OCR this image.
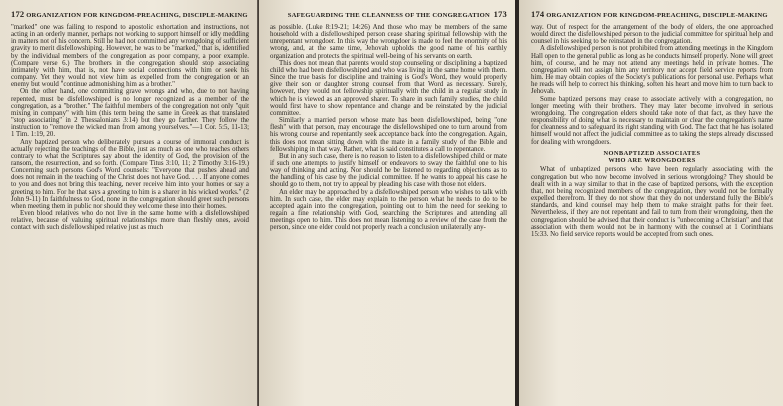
172 ORGANIZATION FOR KINGDOM-PREACHING, DISCIPLE-MAKING

"marked" one was failing to respond to apostolic exhortation and instructions, not acting in an orderly manner, perhaps not working to support himself or idly meddling in matters not of his concern. Still he had not committed any wrongdoing of sufficient gravity to merit disfellowshiping. However, he was to be "marked," that is, identified by the individual members of the congregation as poor company, a poor example. (Compare verse 6.) The brothers in the congregation should stop associating intimately with him, that is, not have social connections with him or seek his company. Yet they would not view him as expelled from the congregation or an enemy but would "continue admonishing him as a brother."

On the other hand, one committing grave wrongs and who, due to not having repented, must be disfellowshiped is no longer recognized as a member of the congregation, as a "brother." The faithful members of the congregation not only "quit mixing in company" with him (this term being the same in Greek as that translated "stop associating" in 2 Thessalonians 3:14) but they go farther. They follow the instruction to "remove the wicked man from among yourselves."—1 Cor. 5:5, 11-13; 1 Tim. 1:19, 20.

Any baptized person who deliberately pursues a course of immoral conduct is actually rejecting the teachings of the Bible, just as much as one who teaches others contrary to what the Scriptures say about the identity of God, the provision of the ransom, the resurrection, and so forth. (Compare Titus 3:10, 11; 2 Timothy 3:16-19.) Concerning such persons God's Word counsels: "Everyone that pushes ahead and does not remain in the teaching of the Christ does not have God. . . . If anyone comes to you and does not bring this teaching, never receive him into your homes or say a greeting to him. For he that says a greeting to him is a sharer in his wicked works." (2 John 9-11) In faithfulness to God, none in the congregation should greet such persons when meeting them in public nor should they welcome these into their homes.

Even blood relatives who do not live in the same home with a disfellowshiped relative, because of valuing spiritual relationships more than fleshly ones, avoid contact with such disfellowshiped relative just as much

SAFEGUARDING THE CLEANNESS OF THE CONGREGATION 173

as possible. (Luke 8:19-21; 14:26) And those who may be members of the same household with a disfellowshiped person cease sharing spiritual fellowship with the unrepentant wrongdoer. In this way the wrongdoer is made to feel the enormity of his wrong, and, at the same time, Jehovah upholds the good name of his earthly organization and protects the spiritual well-being of his servants on earth.

This does not mean that parents would stop counseling or disciplining a baptized child who had been disfellowshiped and who was living in the same home with them. Since the true basis for discipline and training is God's Word, they would properly give their son or daughter strong counsel from that Word as necessary. Surely, however, they would not fellowship spiritually with the child in a regular study in which he is viewed as an approved sharer. To share in such family studies, the child would first have to show repentance and change and be reinstated by the judicial committee.

Similarly a married person whose mate has been disfellowshiped, being "one flesh" with that person, may encourage the disfellowshiped one to turn around from his wrong course and repentantly seek acceptance back into the congregation. Again, this does not mean sitting down with the mate in a family study of the Bible and fellowshiping in that way. Rather, what is said constitutes a call to repentance.

But in any such case, there is no reason to listen to a disfellowshiped child or mate if such one attempts to justify himself or endeavors to sway the faithful one to his way of thinking and acting. Nor should he be listened to regarding objections as to the handling of his case by the judicial committee. If he wants to appeal his case he should go to them, not try to appeal by pleading his case with those not elders.

An elder may be approached by a disfellowshiped person who wishes to talk with him. In such case, the elder may explain to the person what he needs to do to be accepted again into the congregation, pointing out to him the need for seeking to regain a fine relationship with God, searching the Scriptures and attending all meetings open to him. This does not mean listening to a review of the case from the person, since one elder could not properly reach a conclusion unilaterally any-

174 ORGANIZATION FOR KINGDOM-PREACHING, DISCIPLE-MAKING

way. Out of respect for the arrangement of the body of elders, the one approached would direct the disfellowshiped person to the judicial committee for spiritual help and counsel in his seeking to be reinstated in the congregation.

A disfellowshiped person is not prohibited from attending meetings in the Kingdom Hall open to the general public as long as he conducts himself properly. None will greet him, of course, and he may not attend any meetings held in private homes. The congregation will not assign him any territory nor accept field service reports from him. He may obtain copies of the Society's publications for personal use. Perhaps what he reads will help to correct his thinking, soften his heart and move him to turn back to Jehovah.

Some baptized persons may cease to associate actively with a congregation, no longer meeting with their brothers. They may later become involved in serious wrongdoing. The congregation elders should take note of that fact, as they have the responsibility of doing what is necessary to maintain or clear the congregation's name for cleanness and to safeguard its right standing with God. The fact that he has isolated himself would not affect the judicial committee as to taking the steps already discussed for dealing with wrongdoers.

NONBAPTIZED ASSOCIATES
WHO ARE WRONGDOERS

What of unbaptized persons who have been regularly associating with the congregation but who now become involved in serious wrongdoing? They should be dealt with in a way similar to that in the case of baptized persons, with the exception that, not being recognized members of the congregation, they would not be formally expelled therefrom. If they do not show that they do not understand fully the Bible's standards, and kind counsel may help them to make straight paths for their feet. Nevertheless, if they are not repentant and fail to turn from their wrongdoing, then the congregation should be advised that their conduct is "unbecoming a Christian" and that association with them would not be in harmony with the counsel at 1 Corinthians 15:33. No field service reports would be accepted from such ones.
